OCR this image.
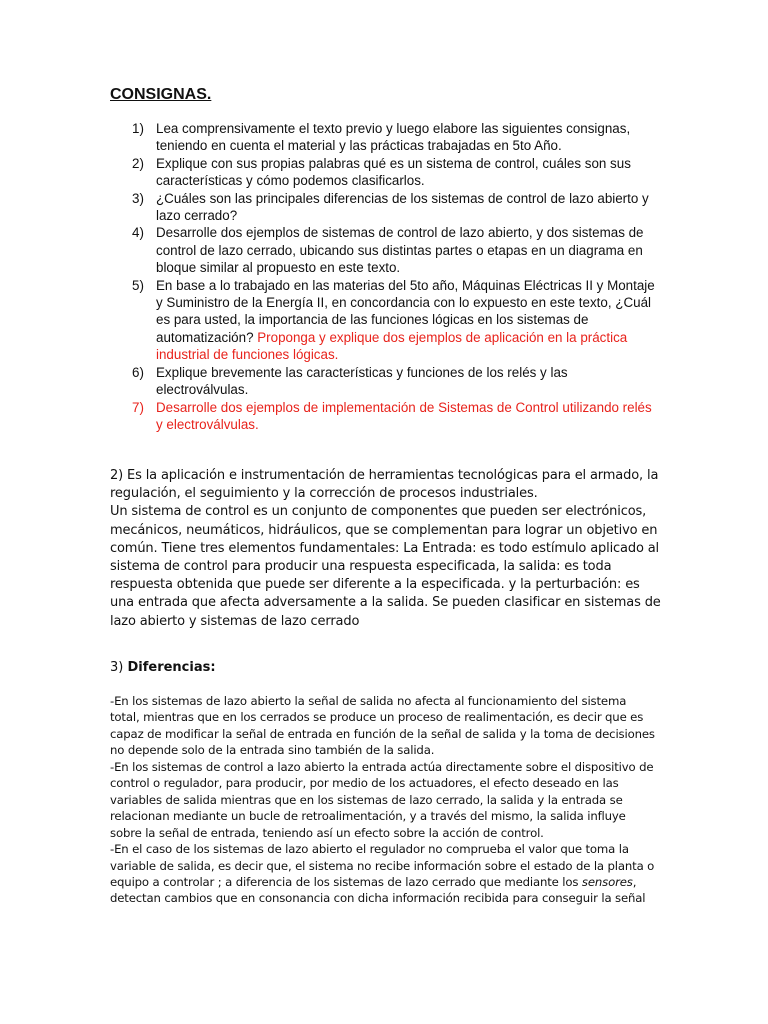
CONSIGNAS.
1) Lea comprensivamente el texto previo y luego elabore las siguientes consignas, teniendo en cuenta el material y las prácticas trabajadas en 5to Año.
2) Explique con sus propias palabras qué es un sistema de control, cuáles son sus características y cómo podemos clasificarlos.
3) ¿Cuáles son las principales diferencias de los sistemas de control de lazo abierto y lazo cerrado?
4) Desarrolle dos ejemplos de sistemas de control de lazo abierto, y dos sistemas de control de lazo cerrado, ubicando sus distintas partes o etapas en un diagrama en bloque similar al propuesto en este texto.
5) En base a lo trabajado en las materias del 5to año, Máquinas Eléctricas II y Montaje y Suministro de la Energía II, en concordancia con lo expuesto en este texto, ¿Cuál es para usted, la importancia de las funciones lógicas en los sistemas de automatización? Proponga y explique dos ejemplos de aplicación en la práctica industrial de funciones lógicas.
6) Explique brevemente las características y funciones de los relés y las electroválvulas.
7) Desarrolle dos ejemplos de implementación de Sistemas de Control utilizando relés y electroválvulas.

2) Es la aplicación e instrumentación de herramientas tecnológicas para el armado, la regulación, el seguimiento y la corrección de procesos industriales.

Un sistema de control es un conjunto de componentes que pueden ser electrónicos, mecánicos, neumáticos, hidráulicos, que se complementan para lograr un objetivo en común. Tiene tres elementos fundamentales: La Entrada: es todo estímulo aplicado al sistema de control para producir una respuesta especificada, la salida: es toda respuesta obtenida que puede ser diferente a la especificada. y la perturbación: es una entrada que afecta adversamente a la salida. Se pueden clasificar en sistemas de lazo abierto y sistemas de lazo cerrado

3) Diferencias:

-En los sistemas de lazo abierto la señal de salida no afecta al funcionamiento del sistema total, mientras que en los cerrados se produce un proceso de realimentación, es decir que es capaz de modificar la señal de entrada en función de la señal de salida y la toma de decisiones no depende solo de la entrada sino también de la salida.

-En los sistemas de control a lazo abierto la entrada actúa directamente sobre el dispositivo de control o regulador, para producir, por medio de los actuadores, el efecto deseado en las variables de salida mientras que en los sistemas de lazo cerrado, la salida y la entrada se relacionan mediante un bucle de retroalimentación, y a través del mismo, la salida influye sobre la señal de entrada, teniendo así un efecto sobre la acción de control.

-En el caso de los sistemas de lazo abierto el regulador no comprueba el valor que toma la variable de salida, es decir que, el sistema no recibe información sobre el estado de la planta o equipo a controlar ; a diferencia de los sistemas de lazo cerrado que mediante los sensores, detectan cambios que en consonancia con dicha información recibida para conseguir la señal
